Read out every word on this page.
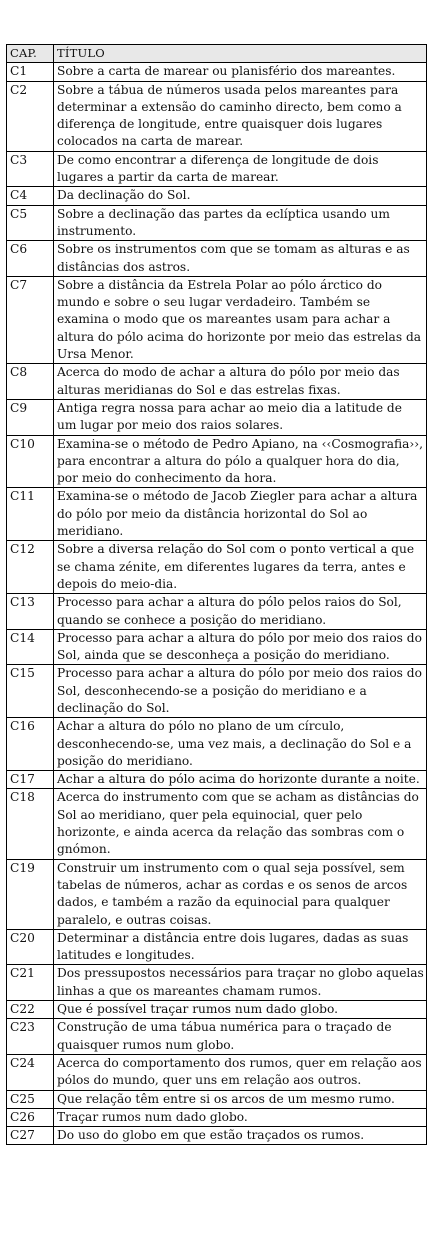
CAP.	TÍTULO
C1	Sobre a carta de marear ou planisfério dos mareantes.
C2	Sobre a tábua de números usada pelos mareantes para determinar a extensão do caminho directo, bem como a diferença de longitude, entre quaisquer dois lugares colocados na carta de marear.
C3	De como encontrar a diferença de longitude de dois lugares a partir da carta de marear.
C4	Da declinação do Sol.
C5	Sobre a declinação das partes da eclíptica usando um instrumento.
C6	Sobre os instrumentos com que se tomam as alturas e as distâncias dos astros.
C7	Sobre a distância da Estrela Polar ao pólo árctico do mundo e sobre o seu lugar verdadeiro. Também se examina o modo que os mareantes usam para achar a altura do pólo acima do horizonte por meio das estrelas da Ursa Menor.
C8	Acerca do modo de achar a altura do pólo por meio das alturas meridianas do Sol e das estrelas fixas.
C9	Antiga regra nossa para achar ao meio dia a latitude de um lugar por meio dos raios solares.
C10	Examina-se o método de Pedro Apiano, na ‹‹Cosmografia››, para encontrar a altura do pólo a qualquer hora do dia, por meio do conhecimento da hora.
C11	Examina-se o método de Jacob Ziegler para achar a altura do pólo por meio da distância horizontal do Sol ao meridiano.
C12	Sobre a diversa relação do Sol com o ponto vertical a que se chama zénite, em diferentes lugares da terra, antes e depois do meio-dia.
C13	Processo para achar a altura do pólo pelos raios do Sol, quando se conhece a posição do meridiano.
C14	Processo para achar a altura do pólo por meio dos raios do Sol, ainda que se desconheça a posição do meridiano.
C15	Processo para achar a altura do pólo por meio dos raios do Sol, desconhecendo-se a posição do meridiano e a declinação do Sol.
C16	Achar a altura do pólo no plano de um círculo, desconhecendo-se, uma vez mais, a declinação do Sol e a posição do meridiano.
C17	Achar a altura do pólo acima do horizonte durante a noite.
C18	Acerca do instrumento com que se acham as distâncias do Sol ao meridiano, quer pela equinocial, quer pelo horizonte, e ainda acerca da relação das sombras com o gnómon.
C19	Construir um instrumento com o qual seja possível, sem tabelas de números, achar as cordas e os senos de arcos dados, e também a razão da equinocial para qualquer paralelo, e outras coisas.
C20	Determinar a distância entre dois lugares, dadas as suas latitudes e longitudes.
C21	Dos pressupostos necessários para traçar no globo aquelas linhas a que os mareantes chamam rumos.
C22	Que é possível traçar rumos num dado globo.
C23	Construção de uma tábua numérica para o traçado de quaisquer rumos num globo.
C24	Acerca do comportamento dos rumos, quer em relação aos pólos do mundo, quer uns em relação aos outros.
C25	Que relação têm entre si os arcos de um mesmo rumo.
C26	Traçar rumos num dado globo.
C27	Do uso do globo em que estão traçados os rumos.
